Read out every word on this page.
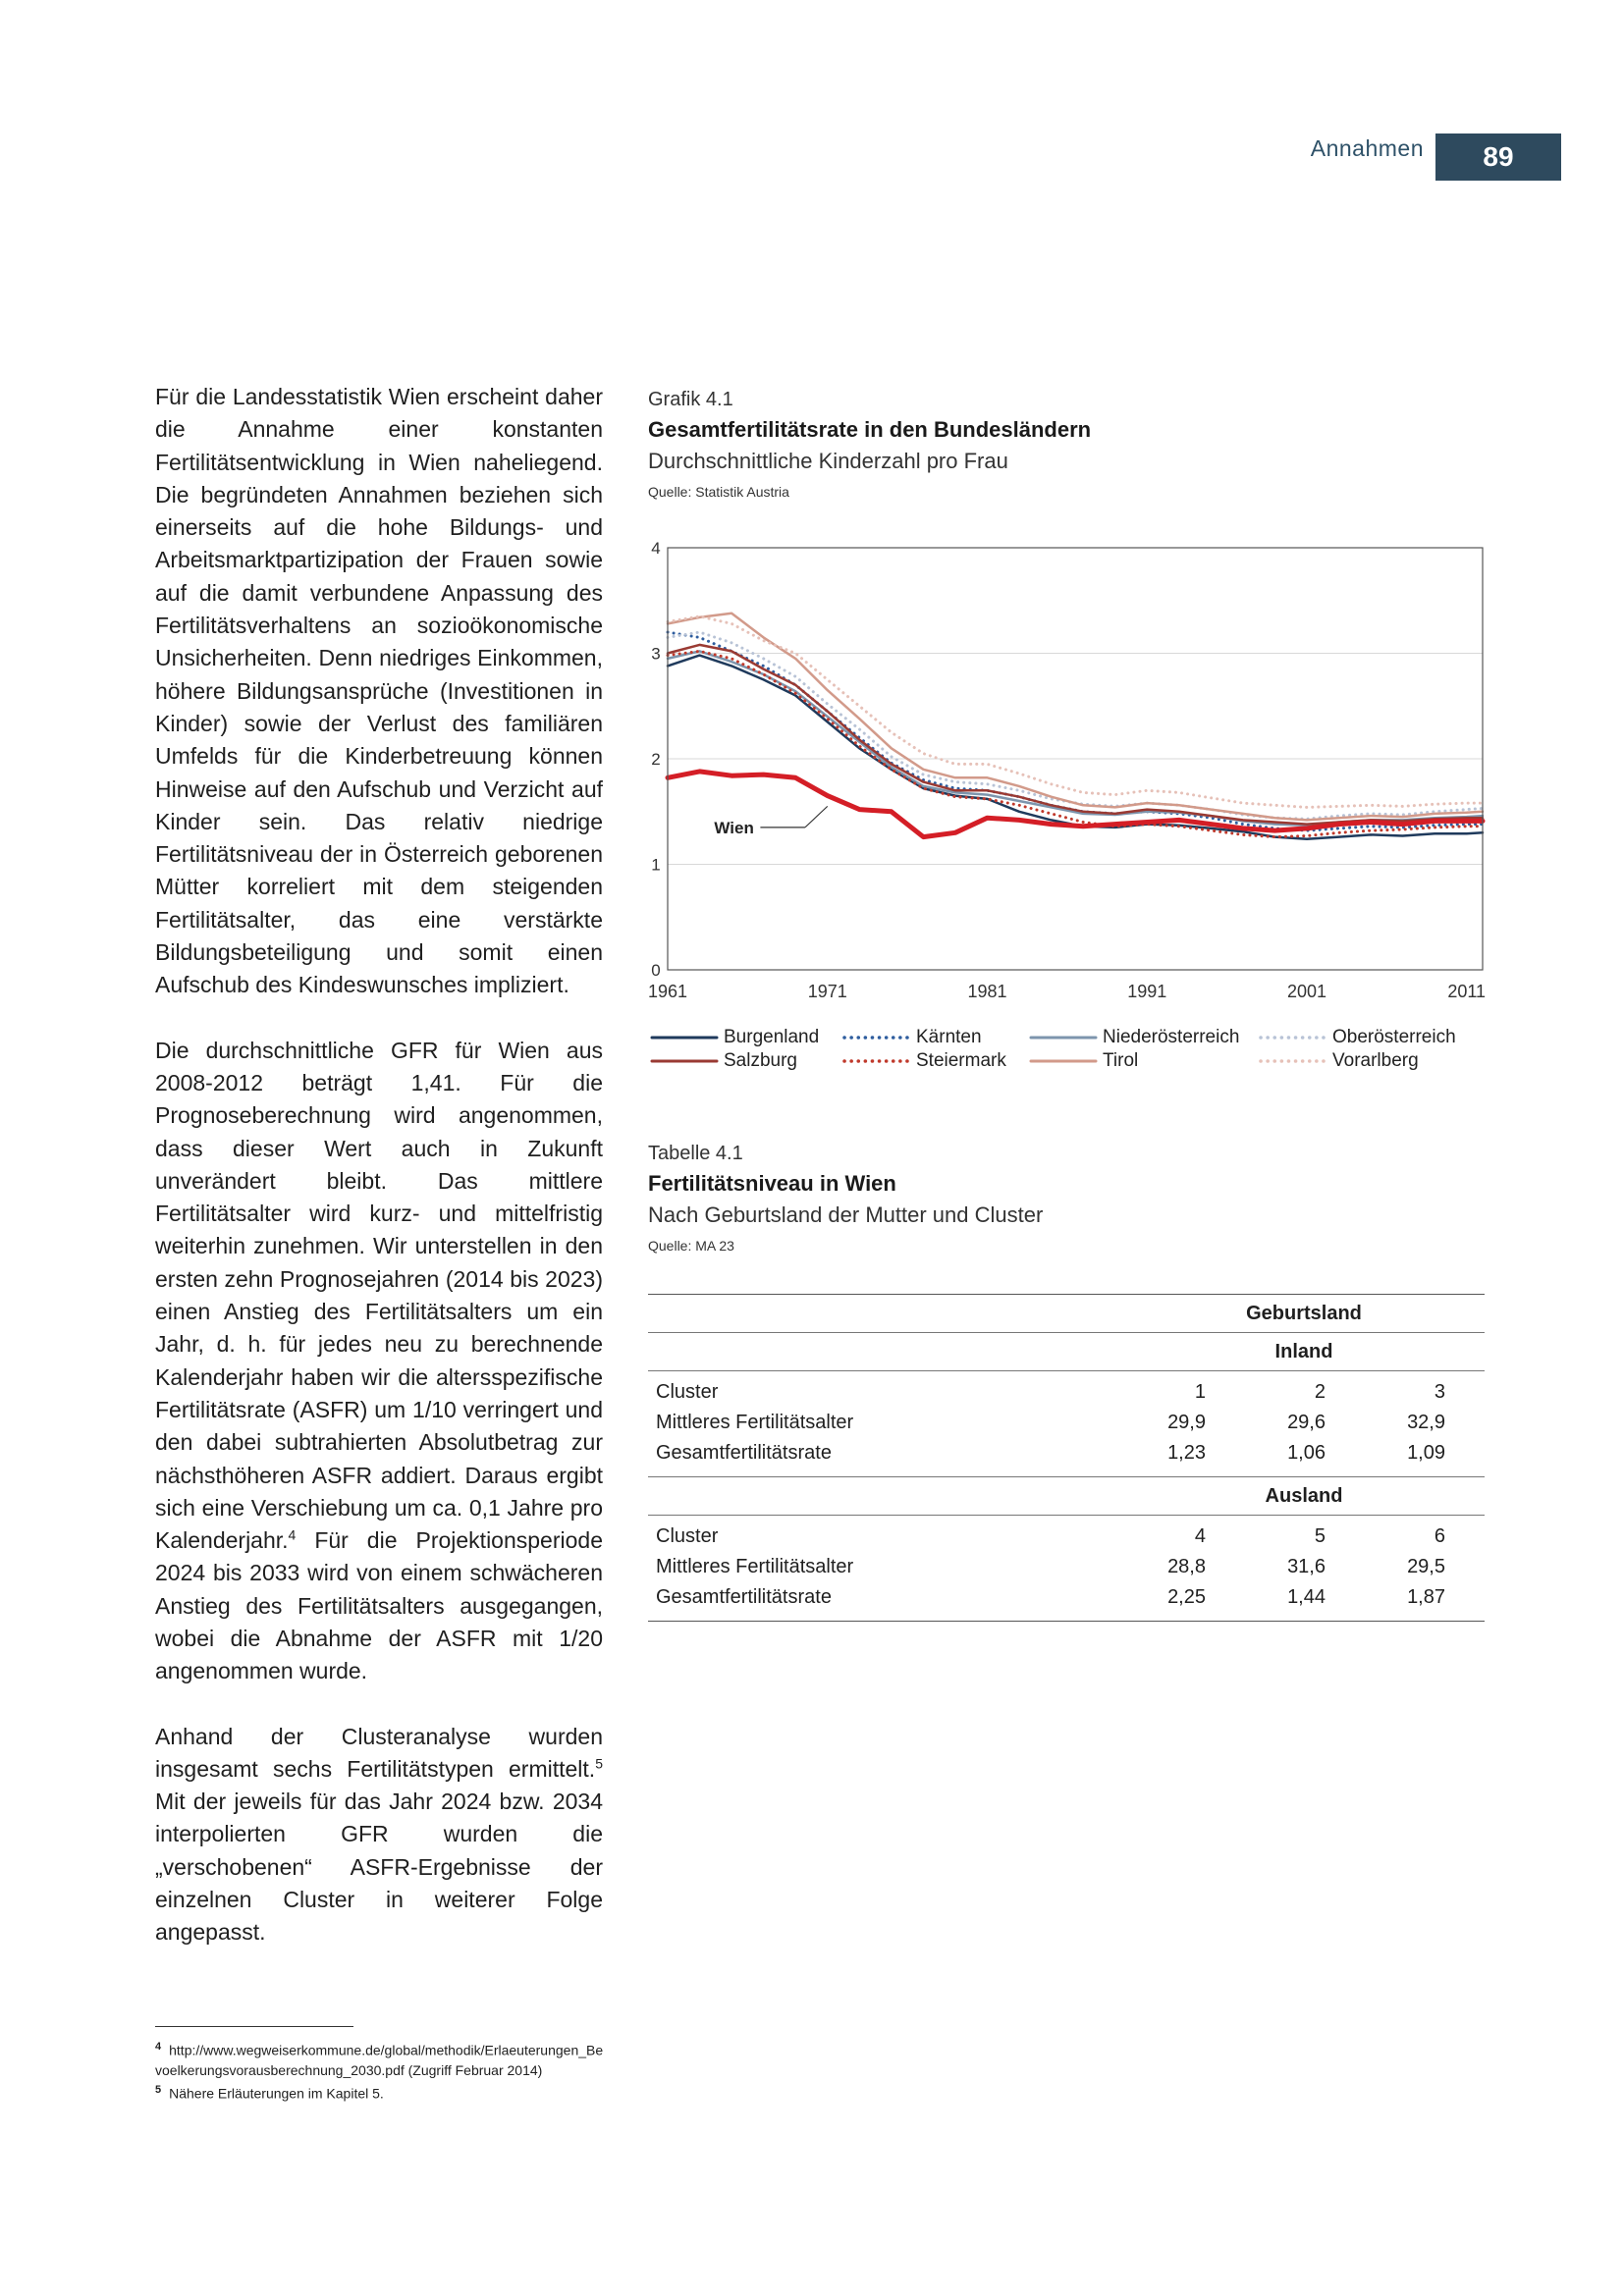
Annahmen	89

Für die Landesstatistik Wien erscheint daher die Annahme einer konstanten Fertilitätsentwicklung in Wien naheliegend. Die begründeten Annahmen beziehen sich einerseits auf die hohe Bildungs- und Arbeitsmarktpartizipation der Frauen sowie auf die damit verbundene Anpassung des Fertilitätsverhaltens an sozioökonomische Unsicherheiten. Denn niedriges Einkommen, höhere Bildungsansprüche (Investitionen in Kinder) sowie der Verlust des familiären Umfelds für die Kinderbetreuung können Hinweise auf den Aufschub und Verzicht auf Kinder sein. Das relativ niedrige Fertilitätsniveau der in Österreich geborenen Mütter korreliert mit dem steigenden Fertilitätsalter, das eine verstärkte Bildungsbeteiligung und somit einen Aufschub des Kindeswunsches impliziert.

Die durchschnittliche GFR für Wien aus 2008-2012 beträgt 1,41. Für die Prognoseberechnung wird angenommen, dass dieser Wert auch in Zukunft unverändert bleibt. Das mittlere Fertilitätsalter wird kurz- und mittelfristig weiterhin zunehmen. Wir unterstellen in den ersten zehn Prognosejahren (2014 bis 2023) einen Anstieg des Fertilitätsalters um ein Jahr, d. h. für jedes neu zu berechnende Kalenderjahr haben wir die altersspezifische Fertilitätsrate (ASFR) um 1/10 verringert und den dabei subtrahierten Absolutbetrag zur nächsthöheren ASFR addiert. Daraus ergibt sich eine Verschiebung um ca. 0,1 Jahre pro Kalenderjahr.$^4$ Für die Projektionsperiode 2024 bis 2033 wird von einem schwächeren Anstieg des Fertilitätsalters ausgegangen, wobei die Abnahme der ASFR mit 1/20 angenommen wurde.

Anhand der Clusteranalyse wurden insgesamt sechs Fertilitätstypen ermittelt.$^5$ Mit der jeweils für das Jahr 2024 bzw. 2034 interpolierten GFR wurden die „verschobenen“ ASFR-Ergebnisse der einzelnen Cluster in weiterer Folge angepasst.

$^4$ http://www.wegweiserkommune.de/global/methodik/Erlaeuterungen_Bevoelkerungsvorausberechnung_2030.pdf (Zugriff Februar 2014)
$^5$ Nähere Erläuterungen im Kapitel 5.
Grafik 4.1
Gesamtfertilitätsrate in den Bundesländern
Durchschnittliche Kinderzahl pro Frau
Quelle: Statistik Austria
0
1
2
3
4
1961	1971	1981	1991	2001	2011
Wien
Burgenland	Kärnten	Niederösterreich	Oberösterreich
Salzburg	Steiermark	Tirol	Vorarlberg
Tabelle 4.1
Fertilitätsniveau in Wien
Nach Geburtsland der Mutter und Cluster
Quelle: MA 23
Geburtsland
Inland
Cluster	1	2	3
Mittleres Fertilitätsalter	29,9	29,6	32,9
Gesamtfertilitätsrate	1,23	1,06	1,09
Ausland
Cluster	4	5	6
Mittleres Fertilitätsalter	28,8	31,6	29,5
Gesamtfertilitätsrate	2,25	1,44	1,87
